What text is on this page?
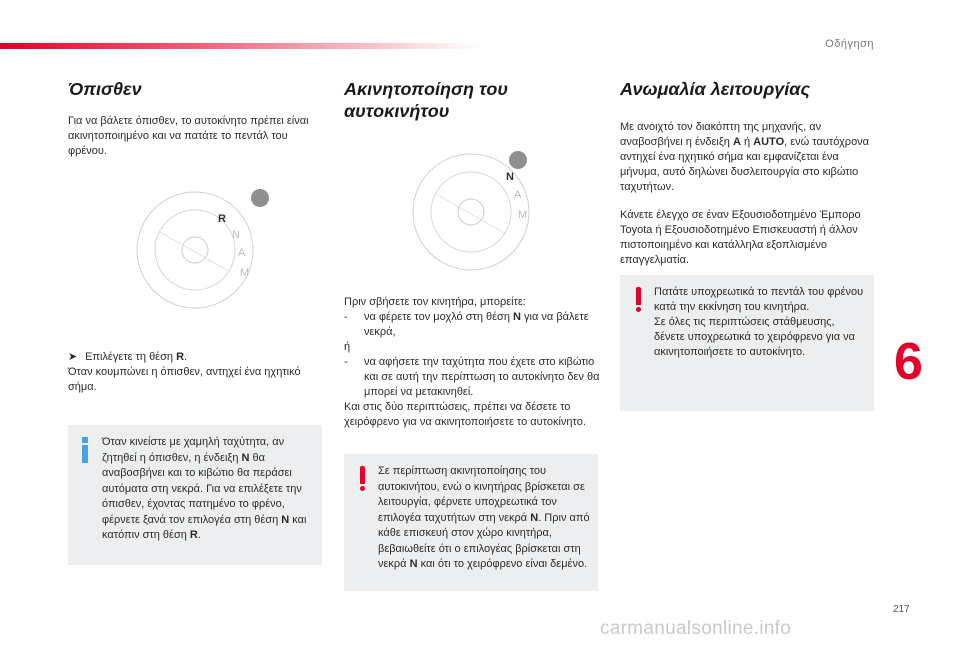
Οδήγηση
Όπισθεν

Για να βάλετε όπισθεν, το αυτοκίνητο πρέπει είναι ακινητοποιημένο και να πατάτε το πεντάλ του φρένου.

R
N
A
M

➤ Επιλέγετε τη θέση R.

Όταν κουμπώνει η όπισθεν, αντηχεί ένα ηχητικό σήμα.

Όταν κινείστε με χαμηλή ταχύτητα, αν ζητηθεί η όπισθεν, η ένδειξη N θα αναβοσβήνει και το κιβώτιο θα περάσει αυτόματα στη νεκρά. Για να επιλέξετε την όπισθεν, έχοντας πατημένο το φρένο, φέρνετε ξανά τον επιλογέα στη θέση N και κατόπιν στη θέση R.
Ακινητοποίηση του αυτοκινήτου
N
A
M

Πριν σβήσετε τον κινητήρα, μπορείτε:

-	να φέρετε τον μοχλό στη θέση N για να βάλετε νεκρά,

ή

-	να αφήσετε την ταχύτητα που έχετε στο κιβώτιο και σε αυτή την περίπτωση το αυτοκίνητο δεν θα μπορεί να μετακινηθεί.

Και στις δύο περιπτώσεις, πρέπει να δέσετε το χειρόφρενο για να ακινητοποιήσετε το αυτοκίνητο.

Σε περίπτωση ακινητοποίησης του αυτοκινήτου, ενώ ο κινητήρας βρίσκεται σε λειτουργία, φέρνετε υποχρεωτικά τον επιλογέα ταχυτήτων στη νεκρά N. Πριν από κάθε επισκευή στον χώρο κινητήρα, βεβαιωθείτε ότι ο επιλογέας βρίσκεται στη νεκρά N και ότι το χειρόφρενο είναι δεμένο.
Ανωμαλία λειτουργίας

Με ανοιχτό τον διακόπτη της μηχανής, αν αναβοσβήνει η ένδειξη A ή AUTO, ενώ ταυτόχρονα αντηχεί ένα ηχητικό σήμα και εμφανίζεται ένα μήνυμα, αυτό δηλώνει δυσλειτουργία στο κιβώτιο ταχυτήτων.

Κάνετε έλεγχο σε έναν Εξουσιοδοτημένο Έμπορο Toyota ή Εξουσιοδοτημένο Επισκευαστή ή άλλον πιστοποιημένο και κατάλληλα εξοπλισμένο επαγγελματία.

Πατάτε υποχρεωτικά το πεντάλ του φρένου κατά την εκκίνηση του κινητήρα.

Σε όλες τις περιπτώσεις στάθμευσης, δένετε υποχρεωτικά το χειρόφρενο για να ακινητοποιήσετε το αυτοκίνητο.	6
217
carmanualsonline.info
